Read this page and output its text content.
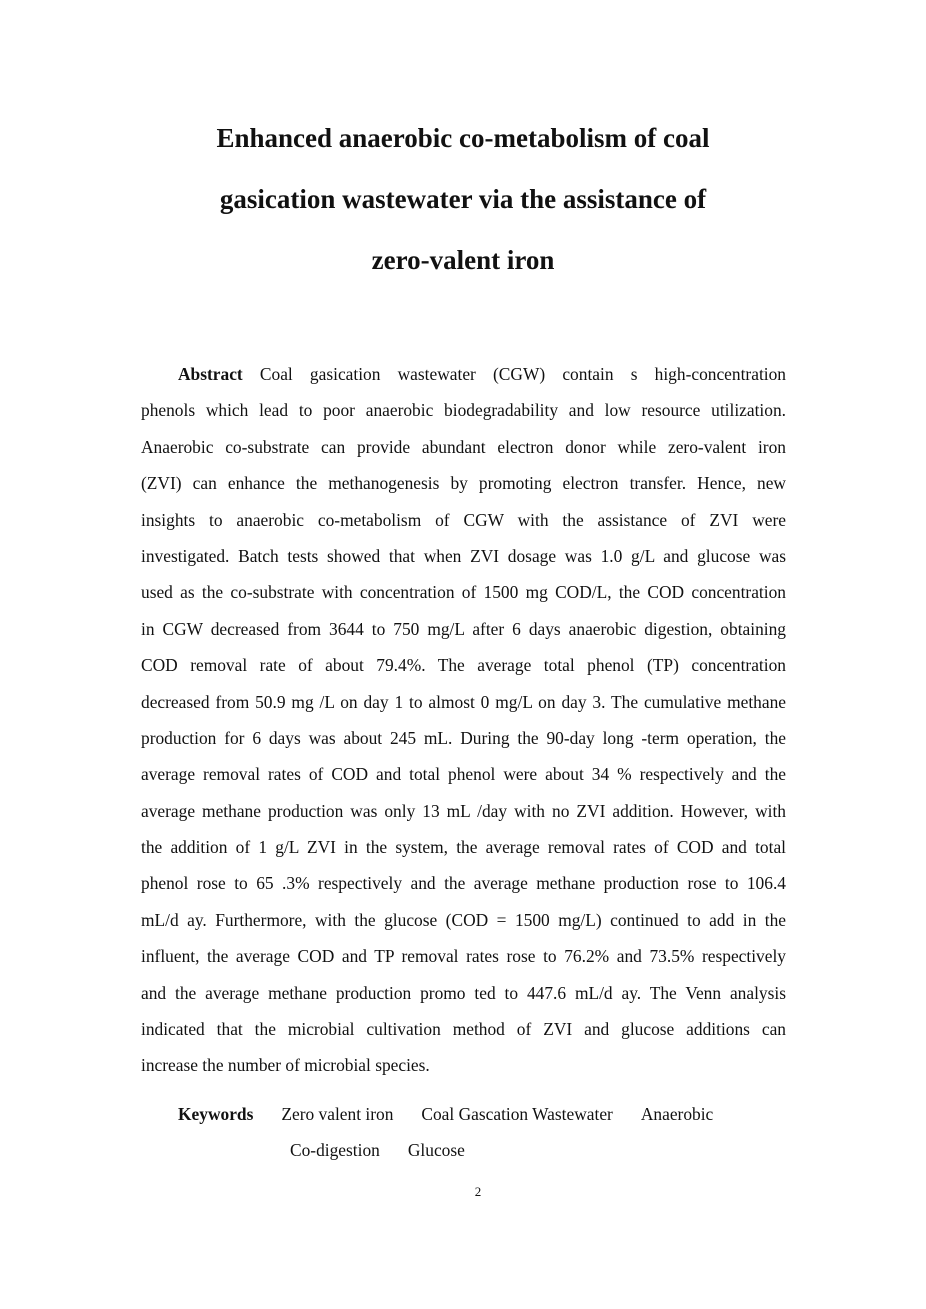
Enhanced anaerobic co-metabolism of coal
gasication wastewater via the assistance of
zero-valent iron
Abstract Coal gasication wastewater (CGW) contain s high-concentration
phenols which lead to poor anaerobic biodegradability and low resource utilization.
Anaerobic co-substrate can provide abundant electron donor while zero-valent iron
(ZVI) can enhance the methanogenesis by promoting electron transfer. Hence, new
insights to anaerobic co-metabolism of CGW with the assistance of ZVI were
investigated. Batch tests showed that when ZVI dosage was 1.0 g/L and glucose was
used as the co-substrate with concentration of 1500 mg COD/L, the COD concentration
in CGW decreased from 3644 to 750 mg/L after 6 days anaerobic digestion, obtaining
COD removal rate of about 79.4%. The average total phenol (TP) concentration
decreased from 50.9 mg /L on day 1 to almost 0 mg/L on day 3. The cumulative methane
production for 6 days was about 245 mL. During the 90-day long -term operation, the
average removal rates of COD and total phenol were about 34 % respectively and the
average methane production was only 13 mL /day with no ZVI addition. However, with
the addition of 1 g/L ZVI in the system, the average removal rates of COD and total
phenol rose to 65 .3% respectively and the average methane production rose to 106.4
mL/d ay. Furthermore, with the glucose (COD = 1500 mg/L) continued to add in the
influent, the average COD and TP removal rates rose to 76.2% and 73.5% respectively
and the average methane production promo ted to 447.6 mL/d ay. The Venn analysis
indicated that the microbial cultivation method of ZVI and glucose additions can
increase the number of microbial species.
Keywords Zero valent iron Coal Gascation Wastewater Anaerobic
Co-digestion Glucose
2
